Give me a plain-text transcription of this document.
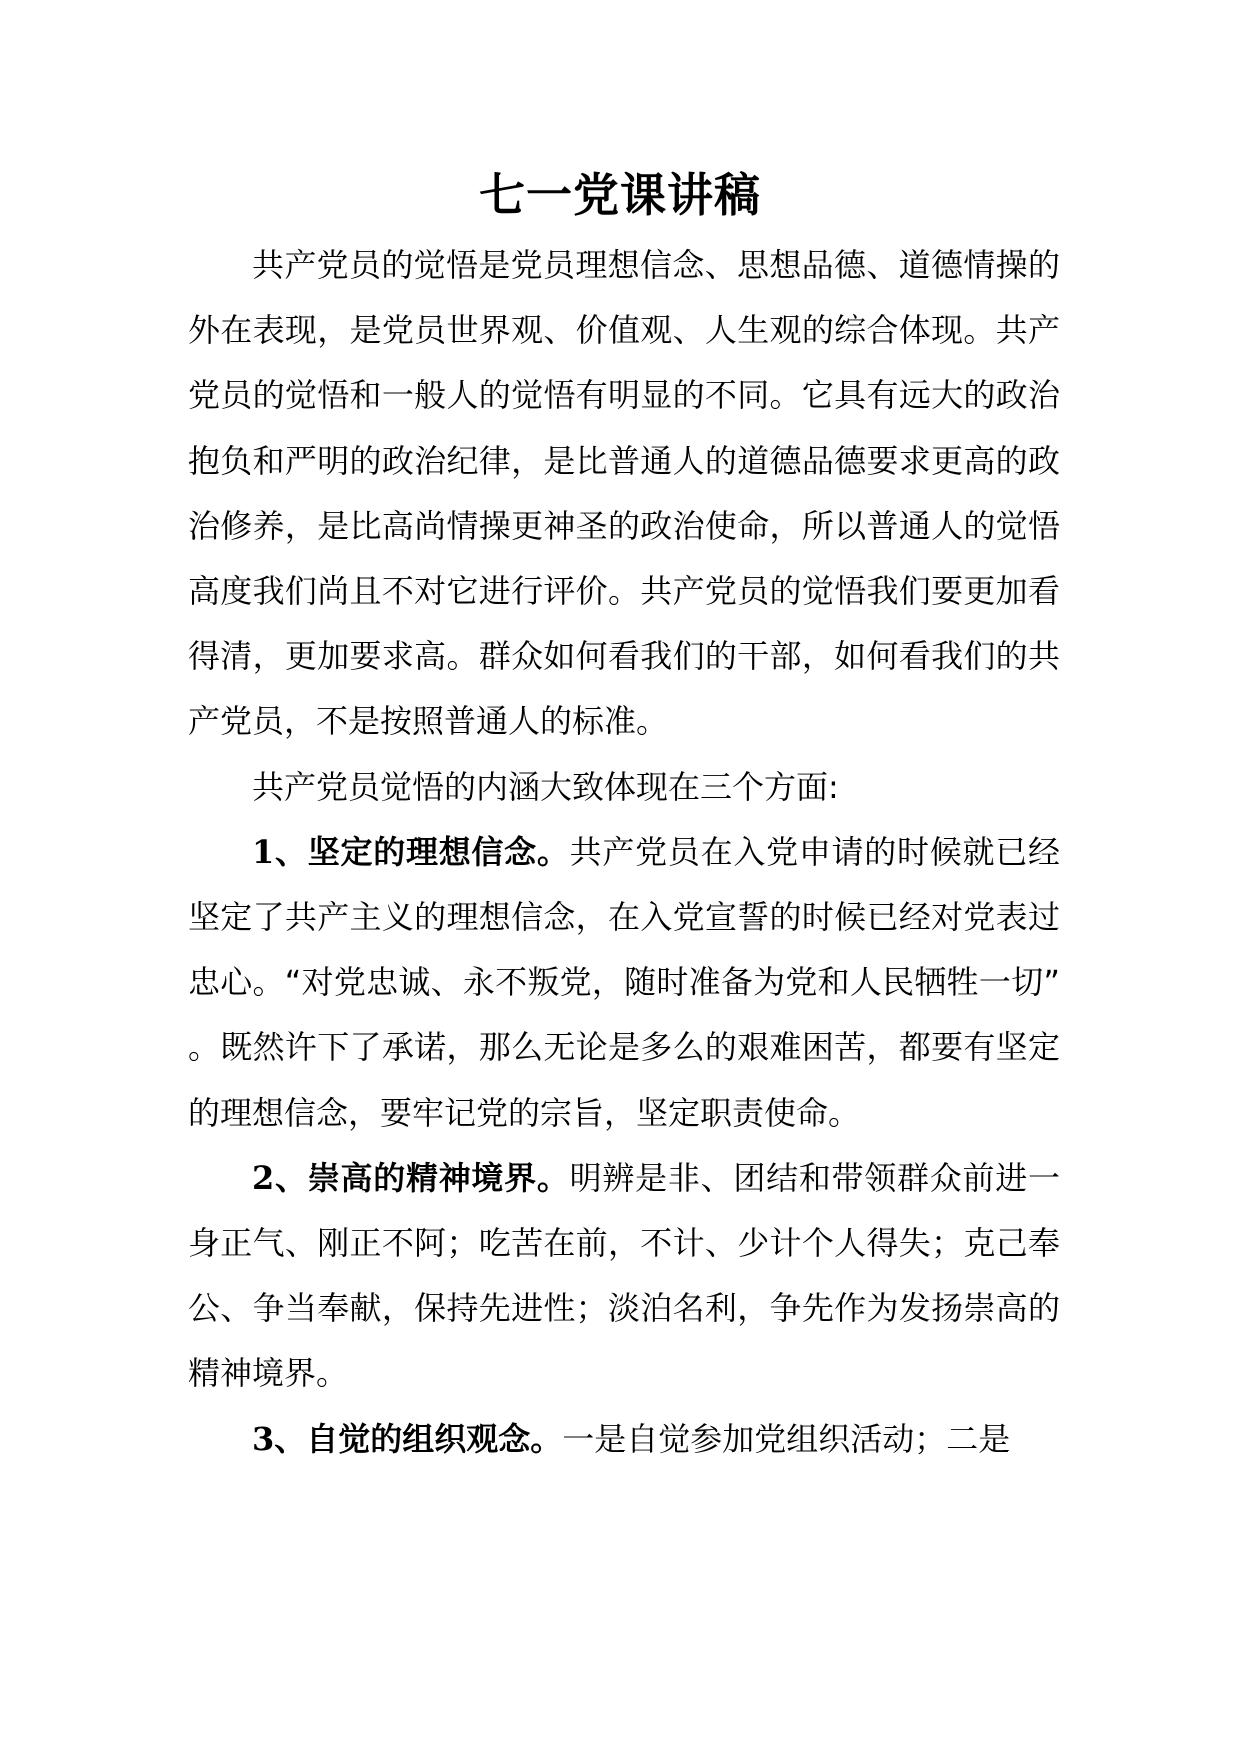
七一党课讲稿

共产党员的觉悟是党员理想信念、思想品德、道德情操的外在表现，是党员世界观、价值观、人生观的综合体现。共产党员的觉悟和一般人的觉悟有明显的不同。它具有远大的政治抱负和严明的政治纪律，是比普通人的道德品德要求更高的政治修养，是比高尚情操更神圣的政治使命，所以普通人的觉悟高度我们尚且不对它进行评价。共产党员的觉悟我们要更加看得清，更加要求高。群众如何看我们的干部，如何看我们的共产党员，不是按照普通人的标准。

共产党员觉悟的内涵大致体现在三个方面:

1、坚定的理想信念。共产党员在入党申请的时候就已经坚定了共产主义的理想信念，在入党宣誓的时候已经对党表过忠心。“对党忠诚、永不叛党，随时准备为党和人民牺牲一切”。既然许下了承诺，那么无论是多么的艰难困苦，都要有坚定的理想信念，要牢记党的宗旨，坚定职责使命。

2、崇高的精神境界。明辨是非、团结和带领群众前进一身正气、刚正不阿；吃苦在前，不计、少计个人得失；克己奉公、争当奉献，保持先进性；淡泊名利，争先作为发扬崇高的精神境界。

3、自觉的组织观念。一是自觉参加党组织活动；二是
